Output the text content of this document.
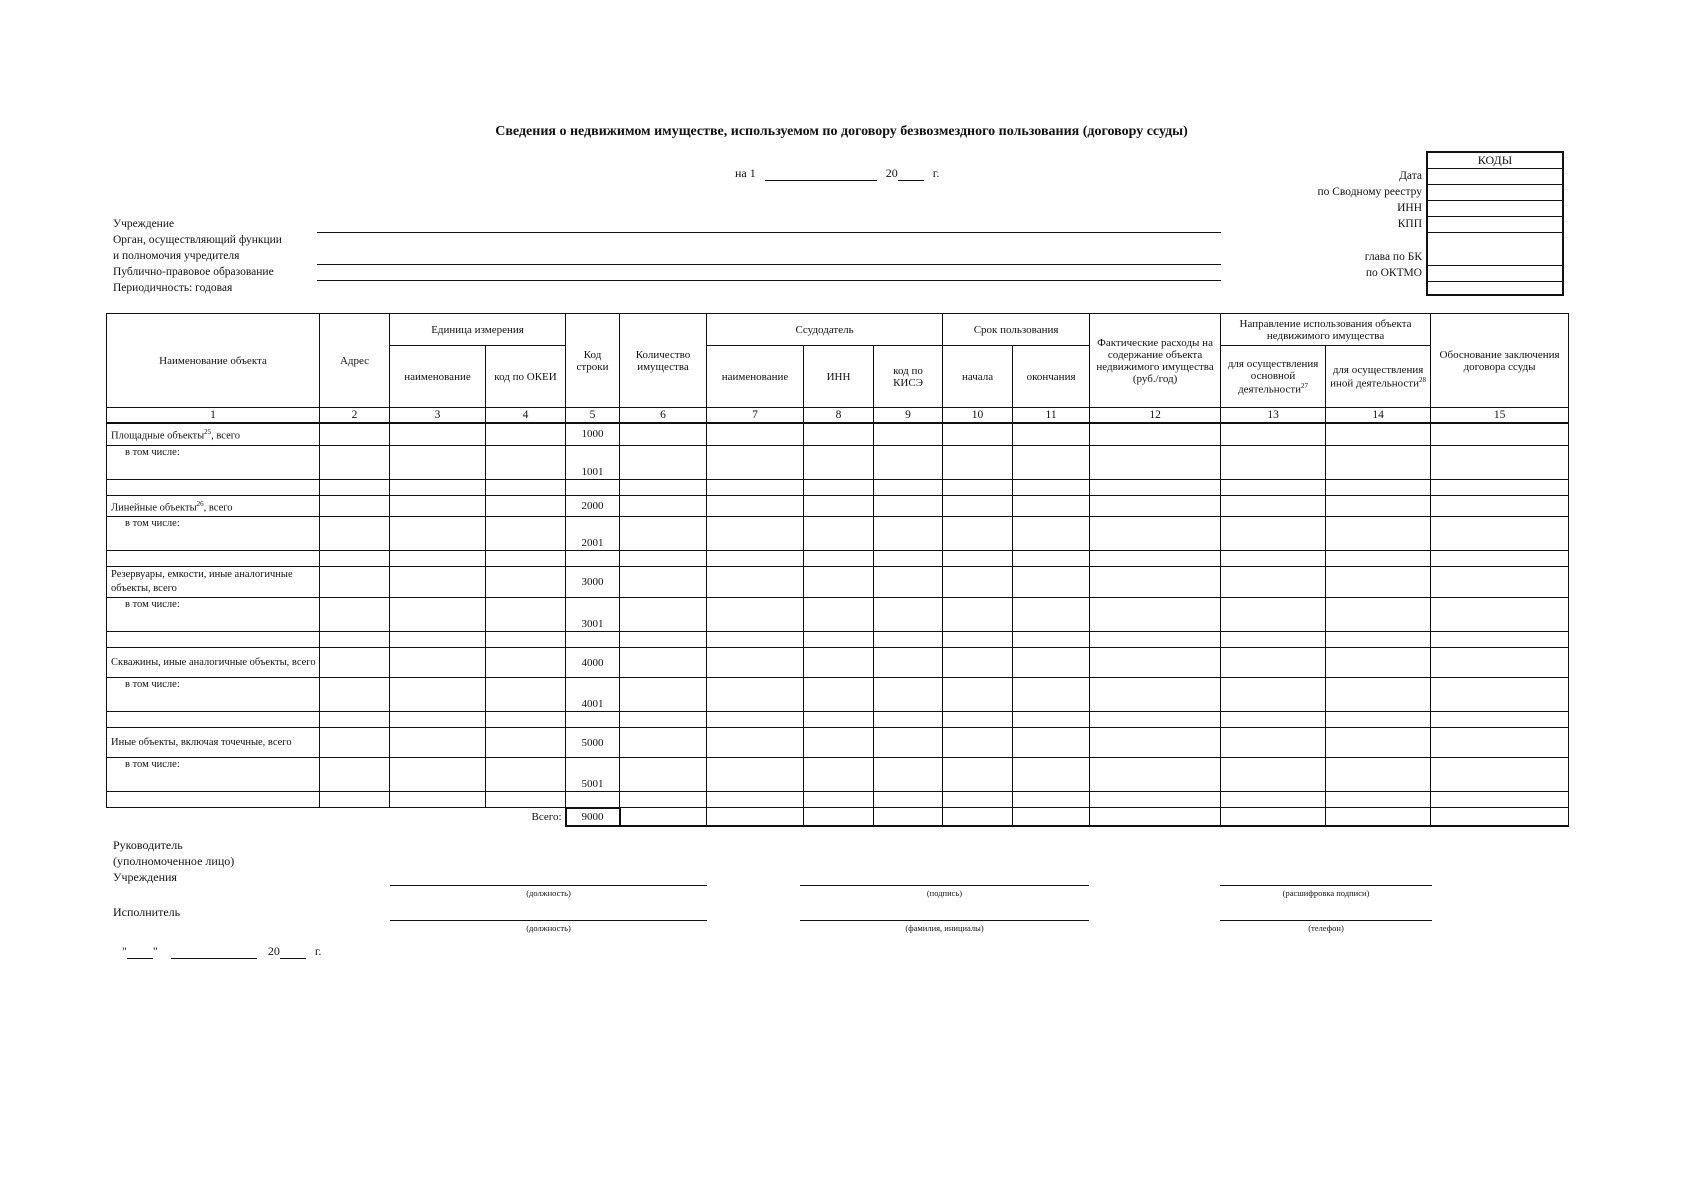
Сведения о недвижимом имуществе, используемом по договору безвозмездного пользования (договору ссуды)
на 1	20	г.	Дата
по Сводному реестру
ИНН
КПП
глава по БК
по ОКТМО
КОДЫ

Учреждение
Орган, осуществляющий функции
и полномочия учредителя
Публично-правовое образование
Периодичность: годовая
Наименование объекта	Адрес	Единица измерения		Код строки	Количество имущества	Ссудодатель			Срок пользования		Фактические расходы на содержание объекта недвижимого имущества (руб./год)	Направление использования объекта недвижимого имущества		Обоснование заключения договора ссуды
		наименование	код по ОКЕИ			наименование	ИНН	код по КИСЭ	начала	окончания		для осуществления основной деятельности$^{27}$	для осуществления иной деятельности$^{28}$
1	2	3	4	5	6	7	8	9	10	11	12	13	14	15
Площадные объекты$^{25}$, всего				1000										
в том числе:				1001										

Линейные объекты$^{26}$, всего				2000										
в том числе:				2001										

Резервуары, емкости, иные аналогичные объекты, всего				3000										
в том числе:				3001										

Скважины, иные аналогичные объекты, всего				4000										
в том числе:				4001										

Иные объекты, включая точечные, всего				5000										
в том числе:				5001										

Всего:				9000										
Руководитель
(уполномоченное лицо)
Учреждения
(должность)	(подпись)	(расшифровка подписи)
Исполнитель
(должность)	(фамилия, инициалы)	(телефон)
" "	20	г.
